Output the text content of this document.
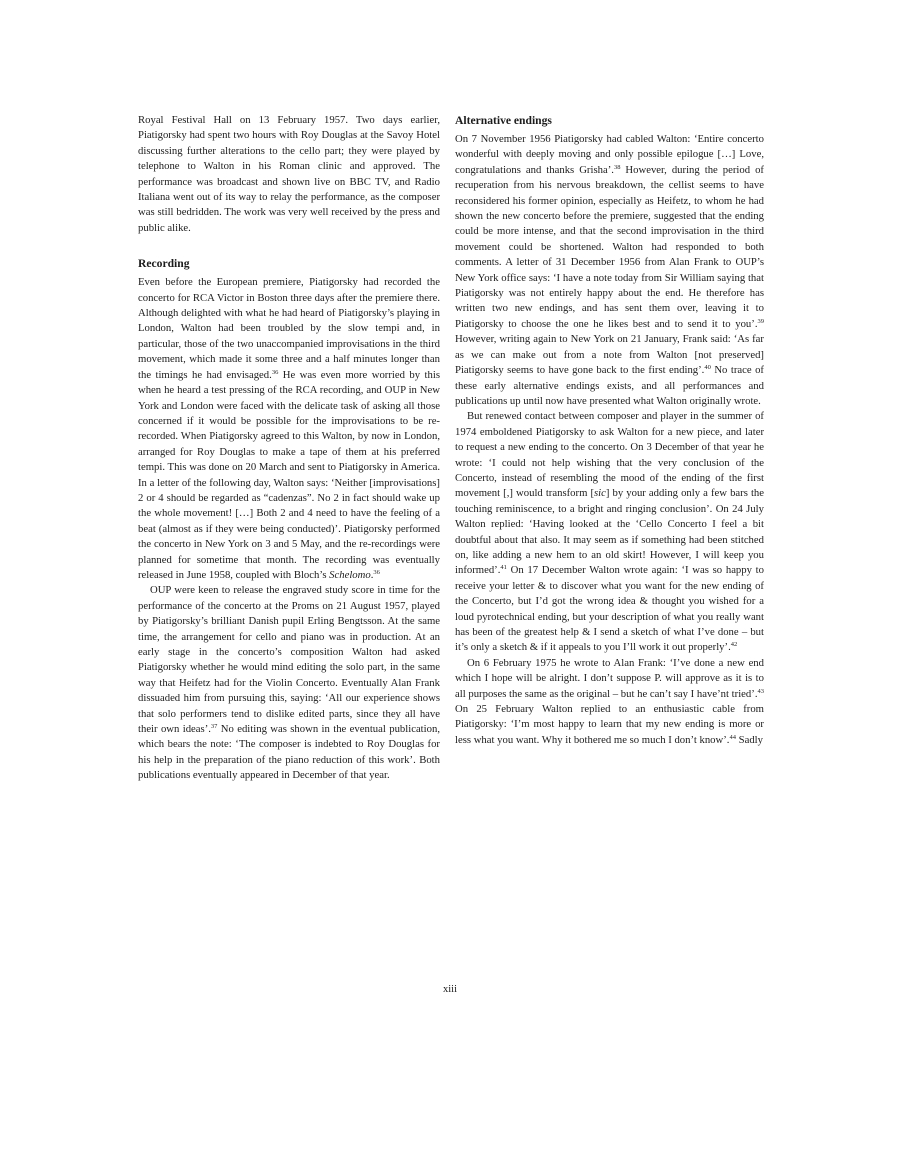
Royal Festival Hall on 13 February 1957. Two days earlier, Piatigorsky had spent two hours with Roy Douglas at the Savoy Hotel discussing further alterations to the cello part; they were played by telephone to Walton in his Roman clinic and approved. The performance was broadcast and shown live on BBC TV, and Radio Italiana went out of its way to relay the performance, as the composer was still bedridden. The work was very well received by the press and public alike.

Recording

Even before the European premiere, Piatigorsky had recorded the concerto for RCA Victor in Boston three days after the premiere there. Although delighted with what he had heard of Piatigorsky’s playing in London, Walton had been troubled by the slow tempi and, in particular, those of the two unaccompanied improvisations in the third movement, which made it some three and a half minutes longer than the timings he had envisaged.$^{36}$ He was even more worried by this when he heard a test pressing of the RCA recording, and OUP in New York and London were faced with the delicate task of asking all those concerned if it would be possible for the improvisations to be re-recorded. When Piatigorsky agreed to this Walton, by now in London, arranged for Roy Douglas to make a tape of them at his preferred tempi. This was done on 20 March and sent to Piatigorsky in America. In a letter of the following day, Walton says: ‘Neither [improvisations] 2 or 4 should be regarded as “cadenzas”. No 2 in fact should wake up the whole movement! […] Both 2 and 4 need to have the feeling of a beat (almost as if they were being conducted)’. Piatigorsky performed the concerto in New York on 3 and 5 May, and the re-recordings were planned for sometime that month. The recording was eventually released in June 1958, coupled with Bloch’s Schelomo.$^{36}$

OUP were keen to release the engraved study score in time for the performance of the concerto at the Proms on 21 August 1957, played by Piatigorsky’s brilliant Danish pupil Erling Bengtsson. At the same time, the arrangement for cello and piano was in production. At an early stage in the concerto’s composition Walton had asked Piatigorsky whether he would mind editing the solo part, in the same way that Heifetz had for the Violin Concerto. Eventually Alan Frank dissuaded him from pursuing this, saying: ‘All our experience shows that solo performers tend to dislike edited parts, since they all have their own ideas’.$^{37}$ No editing was shown in the eventual publication, which bears the note: ‘The composer is indebted to Roy Douglas for his help in the preparation of the piano reduction of this work’. Both publications eventually appeared in December of that year.

Alternative endings

On 7 November 1956 Piatigorsky had cabled Walton: ‘Entire concerto wonderful with deeply moving and only possible epilogue […] Love, congratulations and thanks Grisha’.$^{38}$ However, during the period of recuperation from his nervous breakdown, the cellist seems to have reconsidered his former opinion, especially as Heifetz, to whom he had shown the new concerto before the premiere, suggested that the ending could be more intense, and that the second improvisation in the third movement could be shortened. Walton had responded to both comments. A letter of 31 December 1956 from Alan Frank to OUP’s New York office says: ‘I have a note today from Sir William saying that Piatigorsky was not entirely happy about the end. He therefore has written two new endings, and has sent them over, leaving it to Piatigorsky to choose the one he likes best and to send it to you’.$^{39}$ However, writing again to New York on 21 January, Frank said: ‘As far as we can make out from a note from Walton [not preserved] Piatigorsky seems to have gone back to the first ending’.$^{40}$ No trace of these early alternative endings exists, and all performances and publications up until now have presented what Walton originally wrote.

But renewed contact between composer and player in the summer of 1974 emboldened Piatigorsky to ask Walton for a new piece, and later to request a new ending to the concerto. On 3 December of that year he wrote: ‘I could not help wishing that the very conclusion of the Concerto, instead of resembling the mood of the ending of the first movement [,] would transform [sic] by your adding only a few bars the touching reminiscence, to a bright and ringing conclusion’. On 24 July Walton replied: ‘Having looked at the ‘Cello Concerto I feel a bit doubtful about that also. It may seem as if something had been stitched on, like adding a new hem to an old skirt! However, I will keep you informed’.$^{41}$ On 17 December Walton wrote again: ‘I was so happy to receive your letter & to discover what you want for the new ending of the Concerto, but I’d got the wrong idea & thought you wished for a loud pyrotechnical ending, but your description of what you really want has been of the greatest help & I send a sketch of what I’ve done – but it’s only a sketch & if it appeals to you I’ll work it out properly’.$^{42}$

On 6 February 1975 he wrote to Alan Frank: ‘I’ve done a new end which I hope will be alright. I don’t suppose P. will approve as it is to all purposes the same as the original – but he can’t say I have’nt tried’.$^{43}$ On 25 February Walton replied to an enthusiastic cable from Piatigorsky: ‘I’m most happy to learn that my new ending is more or less what you want. Why it bothered me so much I don’t know’.$^{44}$ Sadly

xiii
